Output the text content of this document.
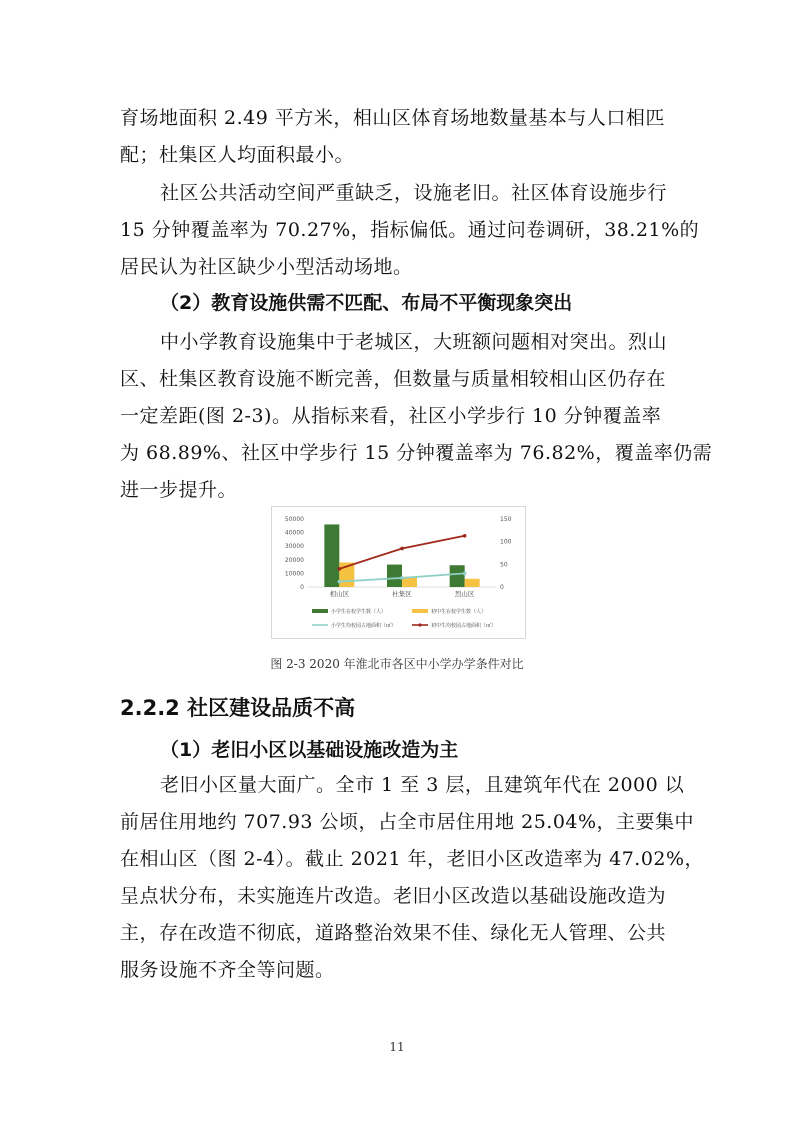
育场地面积 2.49 平方米，相山区体育场地数量基本与人口相匹
配；杜集区人均面积最小。
社区公共活动空间严重缺乏，设施老旧。社区体育设施步行
15 分钟覆盖率为 70.27%，指标偏低。通过问卷调研，38.21%的
居民认为社区缺少小型活动场地。
（2）教育设施供需不匹配、布局不平衡现象突出
中小学教育设施集中于老城区，大班额问题相对突出。烈山
区、杜集区教育设施不断完善，但数量与质量相较相山区仍存在
一定差距(图 2-3)。从指标来看，社区小学步行 10 分钟覆盖率
为 68.89%、社区中学步行 15 分钟覆盖率为 76.82%，覆盖率仍需
进一步提升。
0
10000
20000
30000
40000
50000
0
50
100
150
相山区	杜集区	烈山区
小学生在校学生数（人）	初中生在校学生数（人）
小学生均校园占地面积（㎡）	初中生均校园占地面积（㎡）
图 2-3 2020 年淮北市各区中小学办学条件对比
2.2.2 社区建设品质不高
（1）老旧小区以基础设施改造为主
老旧小区量大面广。全市 1 至 3 层，且建筑年代在 2000 以
前居住用地约 707.93 公顷，占全市居住用地 25.04%，主要集中
在相山区（图 2-4）。截止 2021 年，老旧小区改造率为 47.02%，
呈点状分布，未实施连片改造。老旧小区改造以基础设施改造为
主，存在改造不彻底，道路整治效果不佳、绿化无人管理、公共
服务设施不齐全等问题。
11
